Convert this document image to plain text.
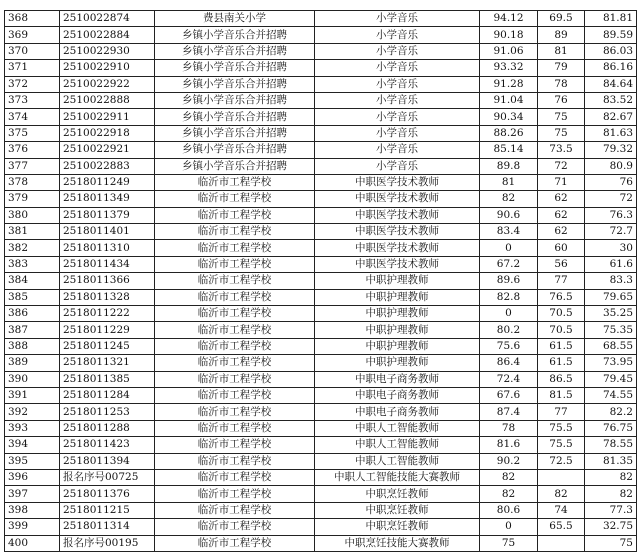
368	2510022874	费县南关小学	小学音乐	94.12	69.5	81.81
369	2510022884	乡镇小学音乐合并招聘	小学音乐	90.18	89	89.59
370	2510022930	乡镇小学音乐合并招聘	小学音乐	91.06	81	86.03
371	2510022910	乡镇小学音乐合并招聘	小学音乐	93.32	79	86.16
372	2510022922	乡镇小学音乐合并招聘	小学音乐	91.28	78	84.64
373	2510022888	乡镇小学音乐合并招聘	小学音乐	91.04	76	83.52
374	2510022911	乡镇小学音乐合并招聘	小学音乐	90.34	75	82.67
375	2510022918	乡镇小学音乐合并招聘	小学音乐	88.26	75	81.63
376	2510022921	乡镇小学音乐合并招聘	小学音乐	85.14	73.5	79.32
377	2510022883	乡镇小学音乐合并招聘	小学音乐	89.8	72	80.9
378	2518011249	临沂市工程学校	中职医学技术教师	81	71	76
379	2518011349	临沂市工程学校	中职医学技术教师	82	62	72
380	2518011379	临沂市工程学校	中职医学技术教师	90.6	62	76.3
381	2518011401	临沂市工程学校	中职医学技术教师	83.4	62	72.7
382	2518011310	临沂市工程学校	中职医学技术教师	0	60	30
383	2518011434	临沂市工程学校	中职医学技术教师	67.2	56	61.6
384	2518011366	临沂市工程学校	中职护理教师	89.6	77	83.3
385	2518011328	临沂市工程学校	中职护理教师	82.8	76.5	79.65
386	2518011222	临沂市工程学校	中职护理教师	0	70.5	35.25
387	2518011229	临沂市工程学校	中职护理教师	80.2	70.5	75.35
388	2518011245	临沂市工程学校	中职护理教师	75.6	61.5	68.55
389	2518011321	临沂市工程学校	中职护理教师	86.4	61.5	73.95
390	2518011385	临沂市工程学校	中职电子商务教师	72.4	86.5	79.45
391	2518011284	临沂市工程学校	中职电子商务教师	67.6	81.5	74.55
392	2518011253	临沂市工程学校	中职电子商务教师	87.4	77	82.2
393	2518011288	临沂市工程学校	中职人工智能教师	78	75.5	76.75
394	2518011423	临沂市工程学校	中职人工智能教师	81.6	75.5	78.55
395	2518011394	临沂市工程学校	中职人工智能教师	90.2	72.5	81.35
396	报名序号00725	临沂市工程学校	中职人工智能技能大赛教师	82		82
397	2518011376	临沂市工程学校	中职烹饪教师	82	82	82
398	2518011215	临沂市工程学校	中职烹饪教师	80.6	74	77.3
399	2518011314	临沂市工程学校	中职烹饪教师	0	65.5	32.75
400	报名序号00195	临沂市工程学校	中职烹饪技能大赛教师	75		75
